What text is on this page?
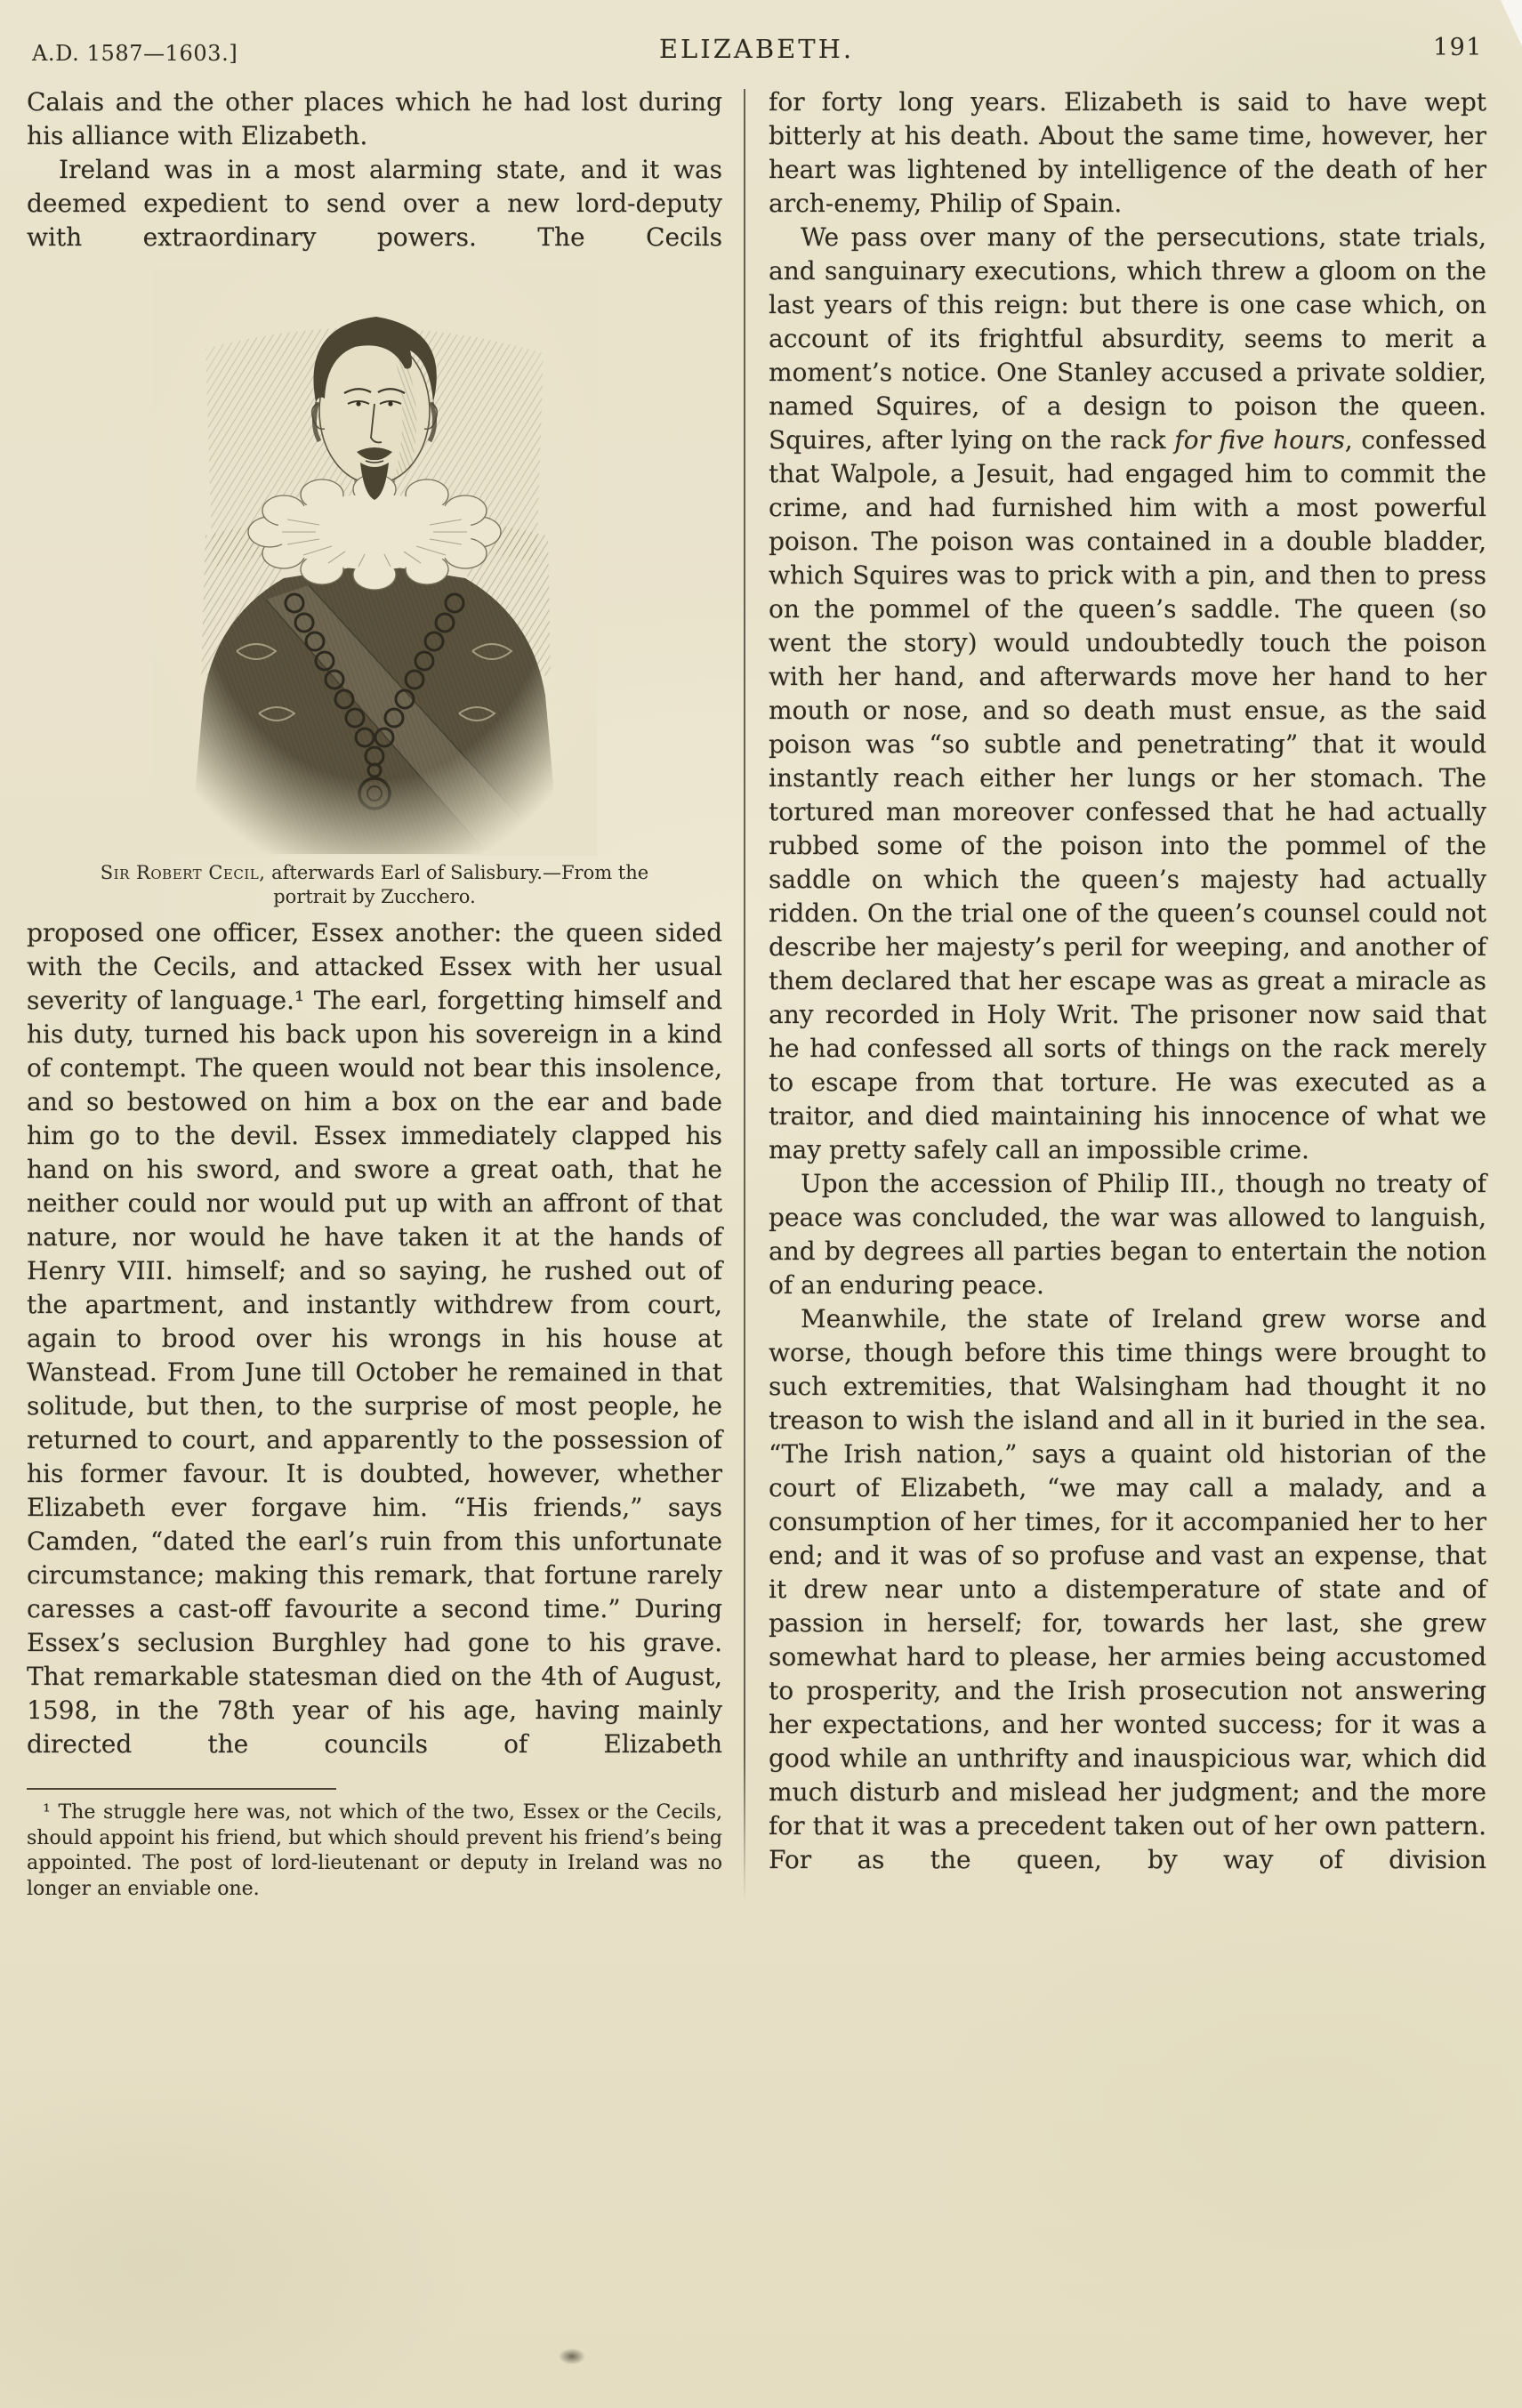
A.D. 1587—1603.]	ELIZABETH.	191

Calais and the other places which he had lost during his alliance with Elizabeth.

Ireland was in a most alarming state, and it was deemed expedient to send over a new lord-deputy with extraordinary powers. The Cecils

Sir Robert Cecil, afterwards Earl of Salisbury.—From the
portrait by Zucchero.

proposed one officer, Essex another: the queen sided with the Cecils, and attacked Essex with her usual severity of language.¹ The earl, forgetting himself and his duty, turned his back upon his sovereign in a kind of contempt. The queen would not bear this insolence, and so bestowed on him a box on the ear and bade him go to the devil. Essex immediately clapped his hand on his sword, and swore a great oath, that he neither could nor would put up with an affront of that nature, nor would he have taken it at the hands of Henry VIII. himself; and so saying, he rushed out of the apartment, and instantly withdrew from court, again to brood over his wrongs in his house at Wanstead. From June till October he remained in that solitude, but then, to the surprise of most people, he returned to court, and apparently to the possession of his former favour. It is doubted, however, whether Elizabeth ever forgave him. “His friends,” says Camden, “dated the earl’s ruin from this unfortunate circumstance; making this remark, that fortune rarely caresses a cast-off favourite a second time.” During Essex’s seclusion Burghley had gone to his grave. That remarkable statesman died on the 4th of August, 1598, in the 78th year of his age, having mainly directed the councils of Elizabeth

¹ The struggle here was, not which of the two, Essex or the Cecils, should appoint his friend, but which should prevent his friend’s being appointed. The post of lord-lieutenant or deputy in Ireland was no longer an enviable one.

for forty long years. Elizabeth is said to have wept bitterly at his death. About the same time, however, her heart was lightened by intelligence of the death of her arch-enemy, Philip of Spain.

We pass over many of the persecutions, state trials, and sanguinary executions, which threw a gloom on the last years of this reign: but there is one case which, on account of its frightful absurdity, seems to merit a moment’s notice. One Stanley accused a private soldier, named Squires, of a design to poison the queen. Squires, after lying on the rack for five hours, confessed that Walpole, a Jesuit, had engaged him to commit the crime, and had furnished him with a most powerful poison. The poison was contained in a double bladder, which Squires was to prick with a pin, and then to press on the pommel of the queen’s saddle. The queen (so went the story) would undoubtedly touch the poison with her hand, and afterwards move her hand to her mouth or nose, and so death must ensue, as the said poison was “so subtle and penetrating” that it would instantly reach either her lungs or her stomach. The tortured man moreover confessed that he had actually rubbed some of the poison into the pommel of the saddle on which the queen’s majesty had actually ridden. On the trial one of the queen’s counsel could not describe her majesty’s peril for weeping, and another of them declared that her escape was as great a miracle as any recorded in Holy Writ. The prisoner now said that he had confessed all sorts of things on the rack merely to escape from that torture. He was executed as a traitor, and died maintaining his innocence of what we may pretty safely call an impossible crime.

Upon the accession of Philip III., though no treaty of peace was concluded, the war was allowed to languish, and by degrees all parties began to entertain the notion of an enduring peace.

Meanwhile, the state of Ireland grew worse and worse, though before this time things were brought to such extremities, that Walsingham had thought it no treason to wish the island and all in it buried in the sea. “The Irish nation,” says a quaint old historian of the court of Elizabeth, “we may call a malady, and a consumption of her times, for it accompanied her to her end; and it was of so profuse and vast an expense, that it drew near unto a distemperature of state and of passion in herself; for, towards her last, she grew somewhat hard to please, her armies being accustomed to prosperity, and the Irish prosecution not answering her expectations, and her wonted success; for it was a good while an unthrifty and inauspicious war, which did much disturb and mislead her judgment; and the more for that it was a precedent taken out of her own pattern. For as the queen, by way of division
